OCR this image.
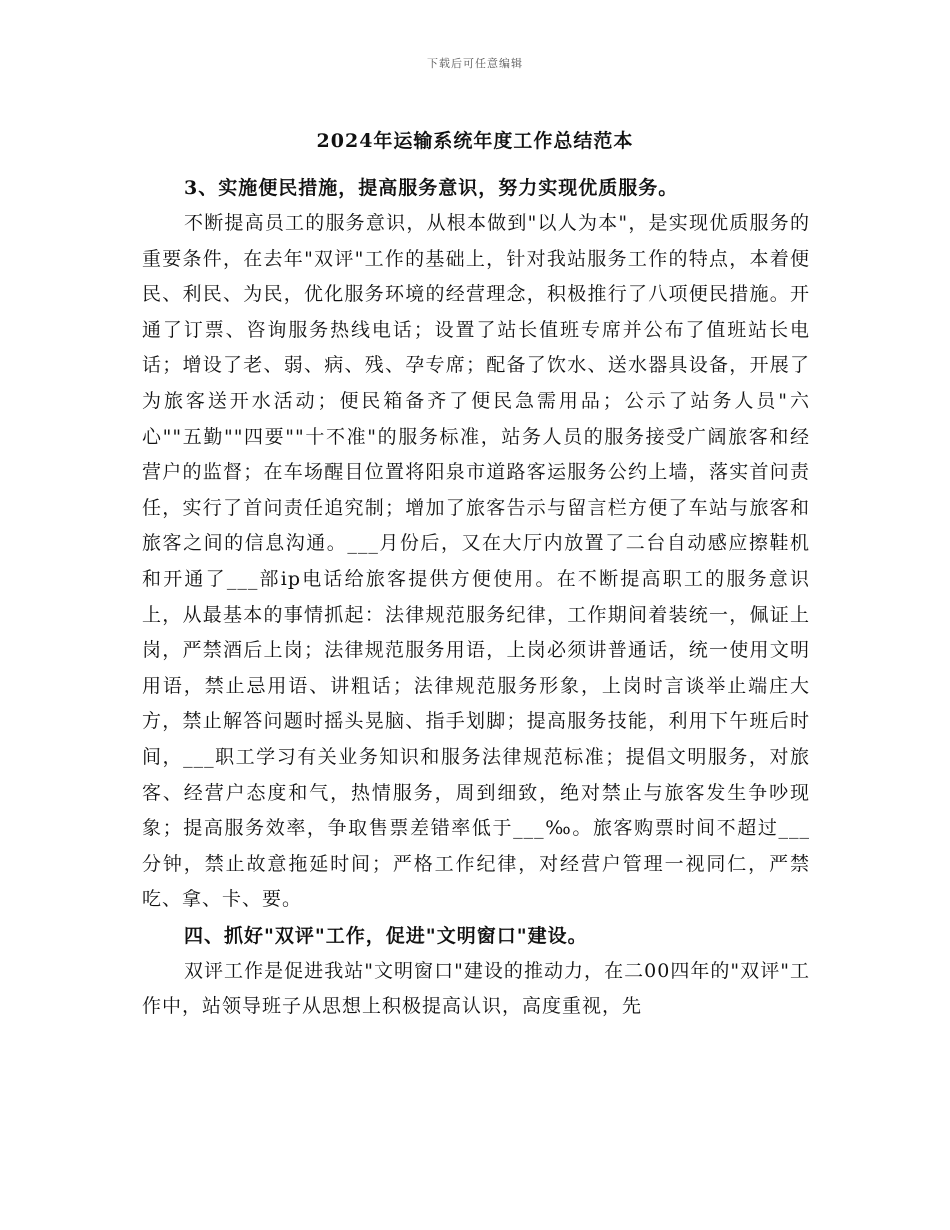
下载后可任意编辑
2024年运输系统年度工作总结范本

3、实施便民措施，提高服务意识，努力实现优质服务。

不断提高员工的服务意识，从根本做到"以人为本"，是实现优质服务的重要条件，在去年"双评"工作的基础上，针对我站服务工作的特点，本着便民、利民、为民，优化服务环境的经营理念，积极推行了八项便民措施。开通了订票、咨询服务热线电话；设置了站长值班专席并公布了值班站长电话；增设了老、弱、病、残、孕专席；配备了饮水、送水器具设备，开展了为旅客送开水活动；便民箱备齐了便民急需用品；公示了站务人员"六心""五勤""四要""十不准"的服务标准，站务人员的服务接受广阔旅客和经营户的监督；在车场醒目位置将阳泉市道路客运服务公约上墙，落实首问责任，实行了首问责任追究制；增加了旅客告示与留言栏方便了车站与旅客和旅客之间的信息沟通。___月份后，又在大厅内放置了二台自动感应擦鞋机和开通了___部ip电话给旅客提供方便使用。在不断提高职工的服务意识上，从最基本的事情抓起：法律规范服务纪律，工作期间着装统一，佩证上岗，严禁酒后上岗；法律规范服务用语，上岗必须讲普通话，统一使用文明用语，禁止忌用语、讲粗话；法律规范服务形象，上岗时言谈举止端庄大方，禁止解答问题时摇头晃脑、指手划脚；提高服务技能，利用下午班后时间，___职工学习有关业务知识和服务法律规范标准；提倡文明服务，对旅客、经营户态度和气，热情服务，周到细致，绝对禁止与旅客发生争吵现象；提高服务效率，争取售票差错率低于___‰。旅客购票时间不超过___分钟，禁止故意拖延时间；严格工作纪律，对经营户管理一视同仁，严禁吃、拿、卡、要。

四、抓好"双评"工作，促进"文明窗口"建设。

双评工作是促进我站"文明窗口"建设的推动力，在二00四年的"双评"工作中，站领导班子从思想上积极提高认识，高度重视，先
